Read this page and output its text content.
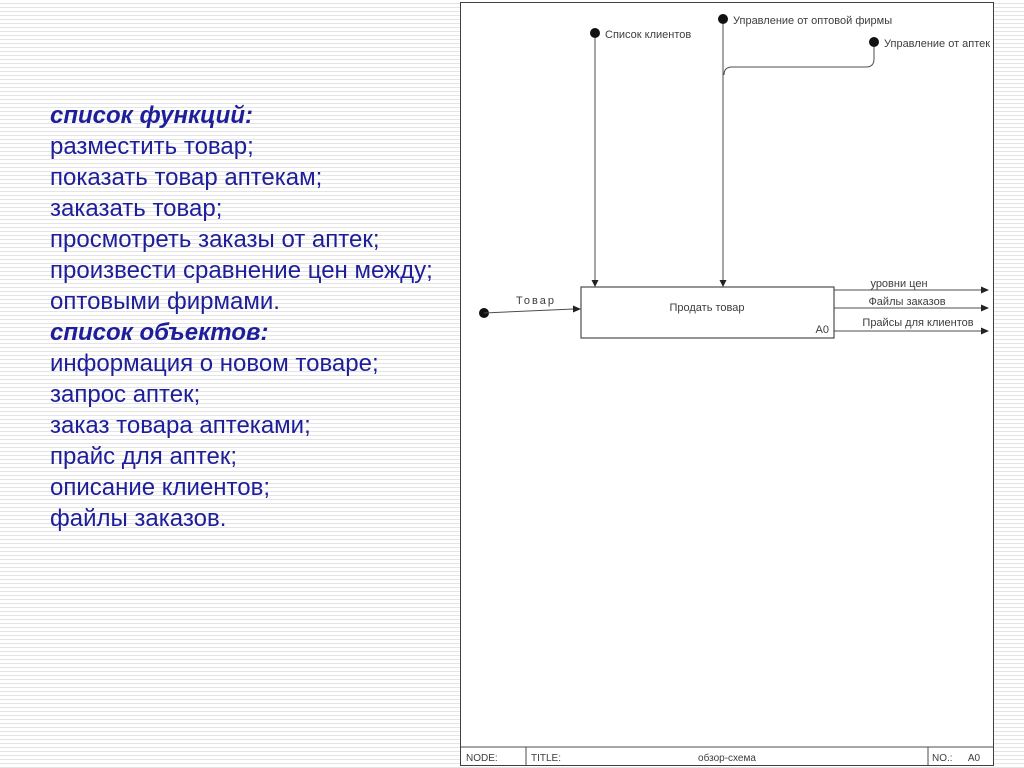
список функций:
разместить товар;
показать товар аптекам;
заказать товар;
просмотреть заказы от аптек;
произвести сравнение цен между;
оптовыми фирмами.
список объектов:
информация о новом товаре;
запрос аптек;
заказ товара аптеками;
прайс для аптек;
описание клиентов;
файлы заказов.
Список клиентов
Управление от оптовой фирмы
Управление от аптек
Товар
Продать товар
A0
уровни цен
Файлы заказов
Прайсы для клиентов
NODE:	TITLE:	обзор-схема	NO.: A0
